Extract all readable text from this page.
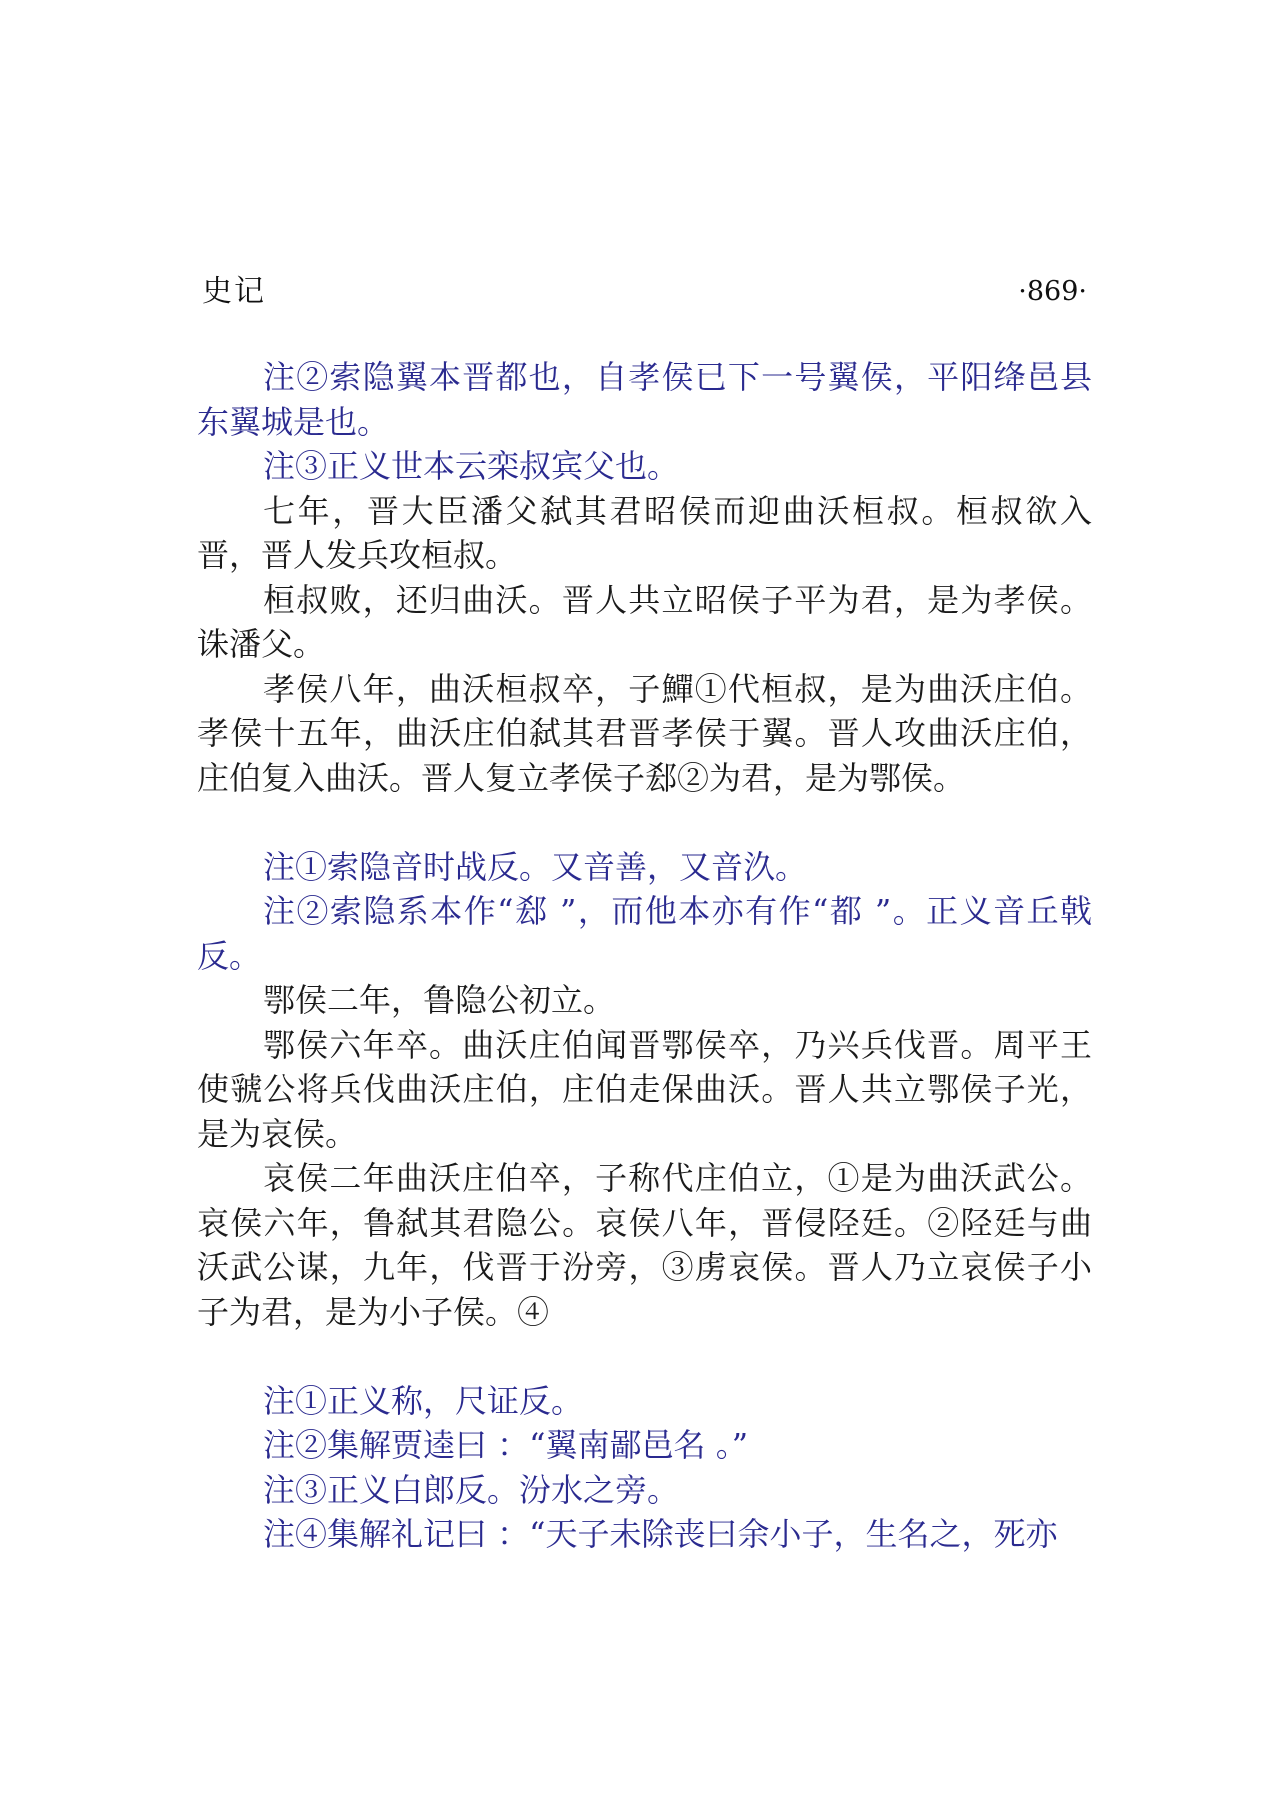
史记	·869·

注②索隐翼本晋都也，自孝侯已下一号翼侯，平阳绛邑县东翼城是也。

注③正义世本云栾叔宾父也。

七年，晋大臣潘父弑其君昭侯而迎曲沃桓叔。桓叔欲入晋，晋人发兵攻桓叔。

桓叔败，还归曲沃。晋人共立昭侯子平为君，是为孝侯。诛潘父。

孝侯八年，曲沃桓叔卒，子鱓①代桓叔，是为曲沃庄伯。孝侯十五年，曲沃庄伯弑其君晋孝侯于翼。晋人攻曲沃庄伯，庄伯复入曲沃。晋人复立孝侯子郄②为君，是为鄂侯。

注①索隐音时战反。又音善，又音汣。

注②索隐系本作“郄 ”，而他本亦有作“都 ”。正义音丘戟反。

鄂侯二年，鲁隐公初立。

鄂侯六年卒。曲沃庄伯闻晋鄂侯卒，乃兴兵伐晋。周平王使虢公将兵伐曲沃庄伯，庄伯走保曲沃。晋人共立鄂侯子光，是为哀侯。

哀侯二年曲沃庄伯卒，子称代庄伯立，①是为曲沃武公。哀侯六年，鲁弑其君隐公。哀侯八年，晋侵陉廷。②陉廷与曲沃武公谋，九年，伐晋于汾旁，③虏哀侯。晋人乃立哀侯子小子为君，是为小子侯。④

注①正义称，尺证反。

注②集解贾逵曰 ：“翼南鄙邑名 。”

注③正义白郎反。汾水之旁。

注④集解礼记曰 ：“天子未除丧曰余小子，生名之，死亦
